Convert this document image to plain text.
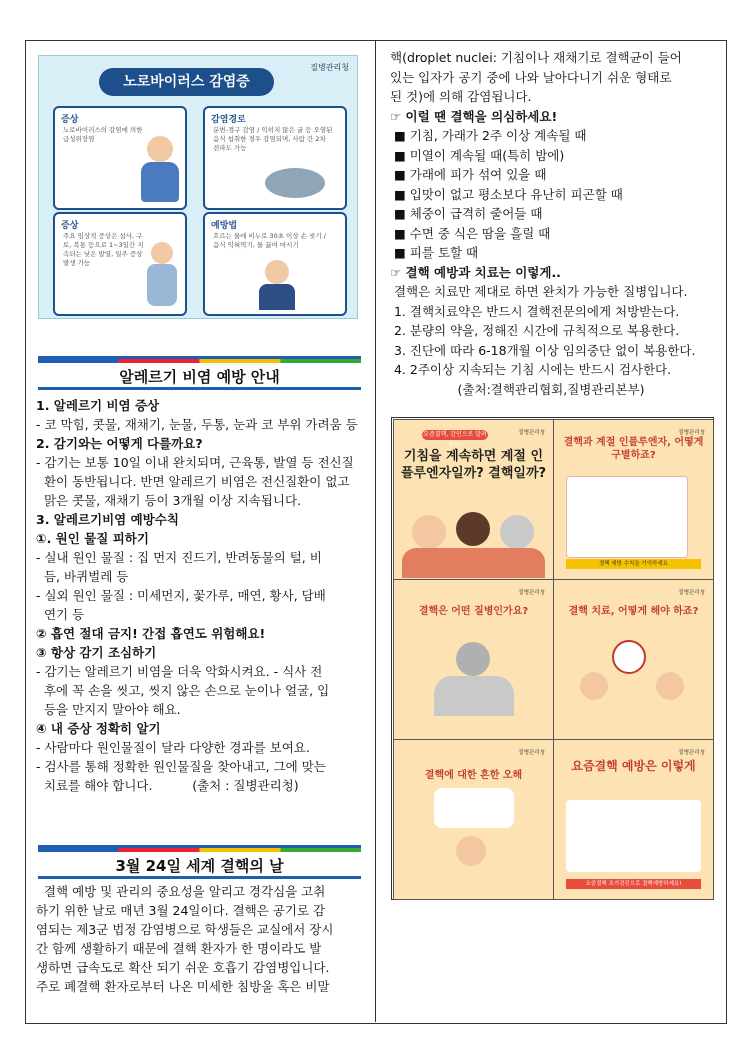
질병관리청
노로바이러스 감염증
증상
노로바이러스의 감염에 의한 급성위장염
감염경로
분변-경구 감염 / 익히지 않은 굴 등 오염된 음식 섭취한 경우 감염되며, 사람 간 2차 전파도 가능
증상
주요 임상적 증상은 설사, 구토, 복통 등으로 1~3일간 지속되는 낮은 발열, 일주 증상 발생 가능
예방법
흐르는 물에 비누로 30초 이상 손 씻기 / 음식 익혀먹기, 물 끓여 마시기
알레르기 비염 예방 안내
1. 알레르기 비염 증상
- 코 막힘, 콧물, 재채기, 눈물, 두통, 눈과 코 부위 가려움 등
2. 감기와는 어떻게 다를까요?
- 감기는 보통 10일 이내 완치되며, 근육통, 발열 등 전신질
환이 동반됩니다. 반면 알레르기 비염은 전신질환이 없고
맑은 콧물, 재채기 등이 3개월 이상 지속됩니다.
3. 알레르기비염 예방수칙
①. 원인 물질 피하기
- 실내 원인 물질 : 집 먼지 진드기, 반려동물의 털, 비
듬, 바퀴벌레 등
- 실외 원인 물질 : 미세먼지, 꽃가루, 매연, 황사, 담배
연기 등
② 흡연 절대 금지! 간접 흡연도 위험해요!
③ 항상 감기 조심하기
- 감기는 알레르기 비염을 더욱 악화시켜요. - 식사 전
후에 꼭 손을 씻고, 씻지 않은 손으로 눈이나 얼굴, 입
등을 만지지 말아야 해요.
④ 내 증상 정확히 알기
- 사람마다 원인물질이 달라 다양한 경과를 보여요.
- 검사를 통해 정확한 원인물질을 찾아내고, 그에 맞는
치료를 해야 합니다.          (출처 : 질병관리청)
3월 24일 세계 결핵의 날
결핵 예방 및 관리의 중요성을 알리고 경각심을 고취
하기 위한 날로 매년 3월 24일이다. 결핵은 공기로 감
염되는 제3군 법정 감염병으로 학생들은 교실에서 장시
간 함께 생활하기 때문에 결핵 환자가 한 명이라도 발
생하면 급속도로 확산 되기 쉬운 호흡기 감염병입니다.
주로 폐결핵 환자로부터 나온 미세한 침방울 혹은 비말
핵(droplet nuclei: 기침이나 재채기로 결핵균이 들어
있는 입자가 공기 중에 나와 날아다니기 쉬운 형태로
된 것)에 의해 감염됩니다.
☞ 이럴 땐 결핵을 의심하세요!
■ 기침, 가래가 2주 이상 계속될 때
■ 미열이 계속될 때(특히 밤에)
■ 가래에 피가 섞여 있을 때
■ 입맛이 없고 평소보다 유난히 피곤할 때
■ 체중이 급격히 줄어들 때
■ 수면 중 식은 땀을 흘릴 때
■ 피를 토할 때
☞ 결핵 예방과 치료는 이렇게..
결핵은 치료만 제대로 하면 완치가 가능한 질병입니다.
1. 결핵치료약은 반드시 결핵전문의에게 처방받는다.
2. 분량의 약을, 정해진 시간에 규칙적으로 복용한다.
3. 진단에 따라 6-18개월 이상 임의중단 없이 복용한다.
4. 2주이상 지속되는 기침 시에는 반드시 검사한다.
(출처:결핵관리협회,질병관리본부)
요즘결핵, 감인으로 알려줘요!
질병관리청
기침을 계속하면 계절 인플루엔자일까? 결핵일까?
질병관리청
결핵과 계절 인플루엔자, 어떻게 구별하죠?
결핵 예방 수칙을 기억하세요
질병관리청
결핵은 어떤 질병인가요?
질병관리청
결핵 치료, 어떻게 해야 하죠?
질병관리청
결핵에 대한 흔한 오해
질병관리청
요즘결핵 예방은 이렇게
요즘결핵 조기검진으로 결핵예방하세요!
